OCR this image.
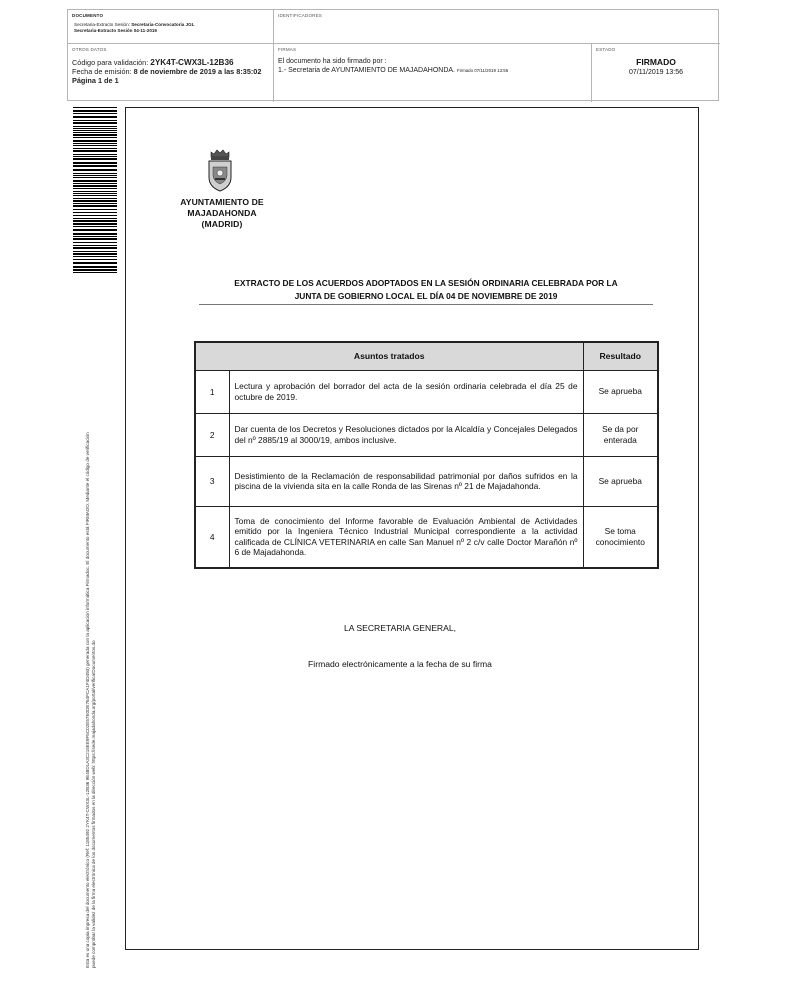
DOCUMENTO
Secretaria-Extracto Sesión: Secretaria-Convocatoria JGL
Secretaria-Extracto Sesión 04-11-2019
IDENTIFICADORES
OTROS DATOS
Código para validación: 2YK4T-CWX3L-12B36
Fecha de emisión: 8 de noviembre de 2019 a las 8:35:02
Página 1 de 1
FIRMAS
El documento ha sido firmado por :
1.- Secretaria de AYUNTAMIENTO DE MAJADAHONDA. Firmado 07/11/2019 13:56
ESTADO
FIRMADO
07/11/2019 13:56
Esta es una copia impresa del documento electrónico (Ref: 1185492 2YK4T-CWX3L-12B36 9E48D1A3C215EE9F5C02E57E0DE764FCA1F4D493) generada con la aplicación informática Firmadoc. El documento está FIRMADO. Mediante el código de verificación puede comprobar la validez de la firma electrónica de los documentos firmados en la dirección web: https://sede.majadahonda.org/portal/verificarDocumentos.do
AYUNTAMIENTO DE
MAJADAHONDA
(MADRID)
EXTRACTO DE LOS ACUERDOS ADOPTADOS EN LA SESIÓN ORDINARIA CELEBRADA POR LA
JUNTA DE GOBIERNO LOCAL EL DÍA 04 DE NOVIEMBRE DE 2019
Asuntos tratados		Resultado
1	Lectura y aprobación del borrador del acta de la sesión ordinaria celebrada el día 25 de octubre de 2019.	Se aprueba

2	Dar cuenta de los Decretos y Resoluciones dictados por la Alcaldía y Concejales Delegados del nº 2885/19 al 3000/19, ambos inclusive.	Se da por
enterada

3	Desistimiento de la Reclamación de responsabilidad patrimonial por daños sufridos en la piscina de la vivienda sita en la calle Ronda de las Sirenas nº 21 de Majadahonda.	Se aprueba

4	Toma de conocimiento del Informe favorable de Evaluación Ambiental de Actividades emitido por la Ingeniera Técnico Industrial Municipal correspondiente a la actividad calificada de CLÍNICA VETERINARIA en calle San Manuel nº 2 c/v calle Doctor Marañón nº 6 de Majadahonda.	Se toma
conocimiento
LA SECRETARIA GENERAL,
Firmado electrónicamente a la fecha de su firma
